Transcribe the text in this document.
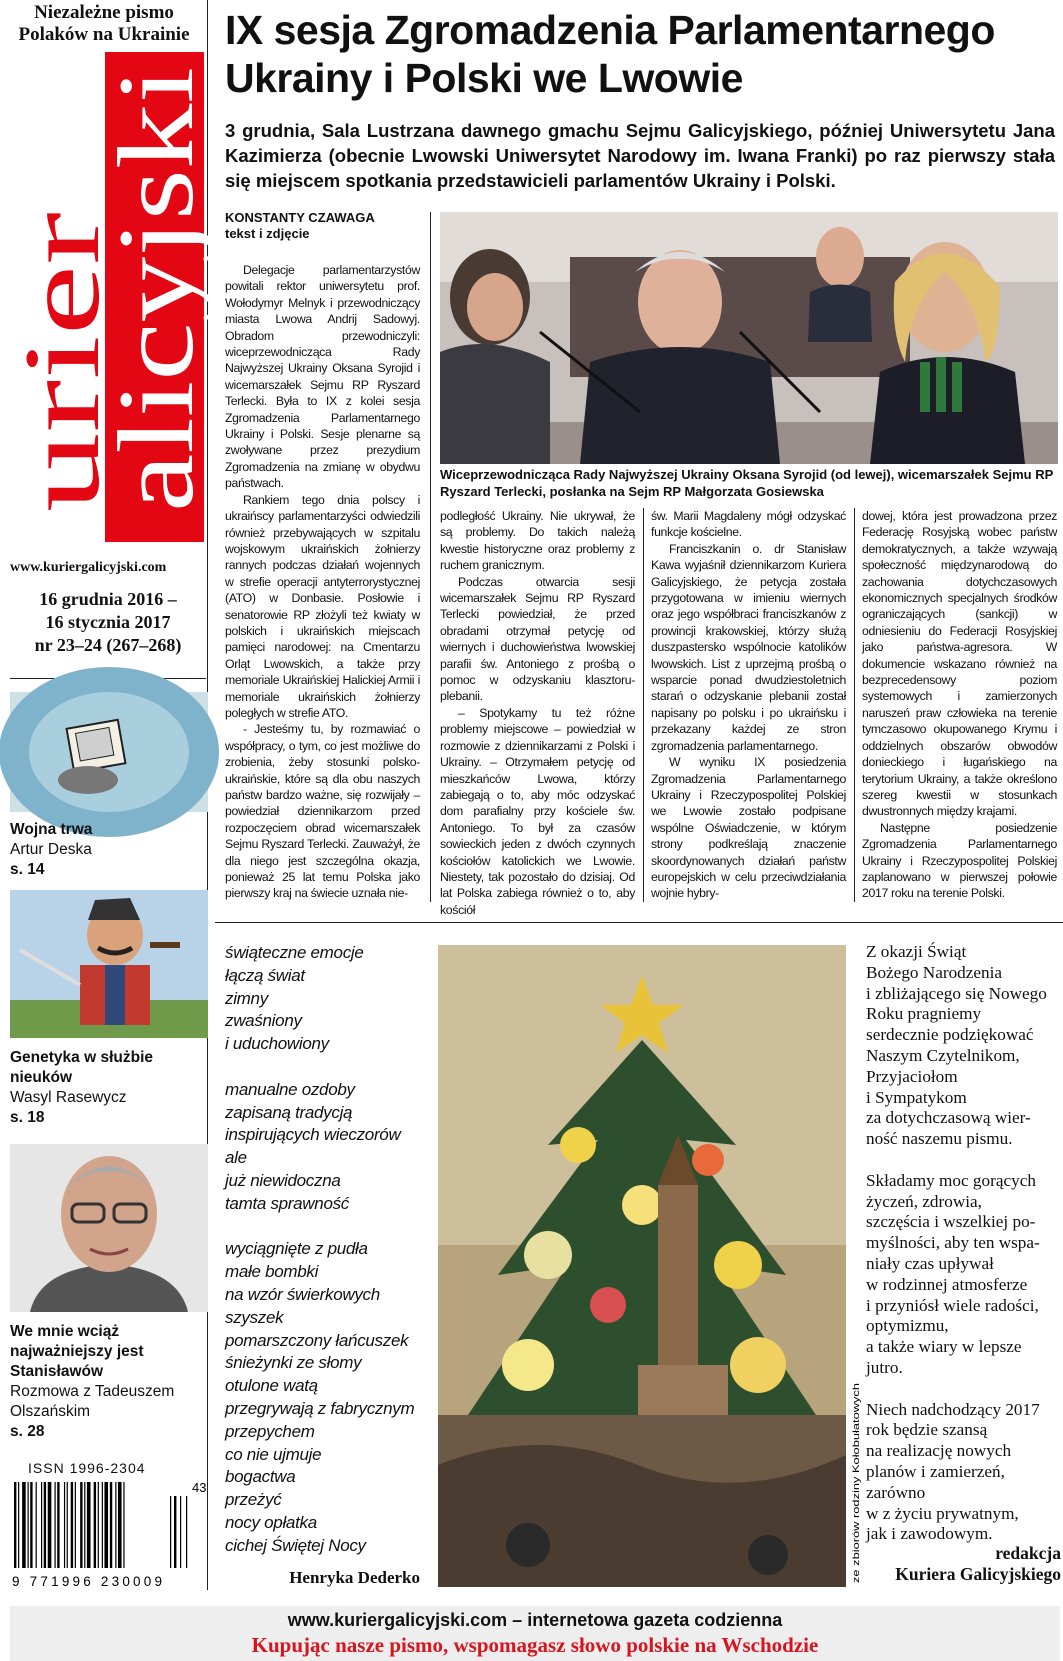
Niezależne pismo Polaków na Ukrainie
urier
alicyjski
www.kuriergalicyjski.com
16 grudnia 2016 –
16 stycznia 2017
nr 23–24 (267–268)
Wojna trwa
Artur Deska
s. 14
Genetyka w służbie nieuków
Wasyl Rasewycz
s. 18
We mnie wciąż najważniejszy jest Stanisławów
Rozmowa z Tadeuszem Olszańskim
s. 28
ISSN 1996-2304
43
9 771996 230009
IX sesja Zgromadzenia Parlamentarnego Ukrainy i Polski we Lwowie
3 grudnia, Sala Lustrzana dawnego gmachu Sejmu Galicyjskiego, później Uniwersytetu Jana Kazimierza (obecnie Lwowski Uniwersytet Narodowy im. Iwana Franki) po raz pierwszy stała się miejscem spotkania przedstawicieli parlamentów Ukrainy i Polski.
KONSTANTY CZAWAGA
tekst i zdjęcie

Delegacje parlamentarzystów powitali rektor uniwersytetu prof. Wołodymyr Melnyk i przewodniczący miasta Lwowa Andrij Sadowyj. Obradom przewodniczyli: wiceprzewodnicząca Rady Najwyższej Ukrainy Oksana Syrojid i wicemarszałek Sejmu RP Ryszard Terlecki. Była to IX z kolei sesja Zgromadzenia Parlamentarnego Ukrainy i Polski. Sesje plenarne są zwoływane przez prezydium Zgromadzenia na zmianę w obydwu państwach.

Rankiem tego dnia polscy i ukraińscy parlamentarzyści odwiedzili również przebywających w szpitalu wojskowym ukraińskich żołnierzy rannych podczas działań wojennych w strefie operacji antyterrorystycznej (ATO) w Donbasie. Posłowie i senatorowie RP złożyli też kwiaty w polskich i ukraińskich miejscach pamięci narodowej: na Cmentarzu Orląt Lwowskich, a także przy memoriale Ukraińskiej Halickiej Armii i memoriale ukraińskich żołnierzy poległych w strefie ATO.

- Jesteśmy tu, by rozmawiać o współpracy, o tym, co jest możliwe do zrobienia, żeby stosunki polsko-ukraińskie, które są dla obu naszych państw bardzo ważne, się rozwijały – powiedział dziennikarzom przed rozpoczęciem obrad wicemarszałek Sejmu Ryszard Terlecki. Zauważył, że dla niego jest szczególna okazja, ponieważ 25 lat temu Polska jako pierwszy kraj na świecie uznała nie-

Wiceprzewodnicząca Rady Najwyższej Ukrainy Oksana Syrojid (od lewej), wicemarszałek Sejmu RP Ryszard Terlecki, posłanka na Sejm RP Małgorzata Gosiewska

podległość Ukrainy. Nie ukrywał, że są problemy. Do takich należą kwestie historyczne oraz problemy z ruchem granicznym.

Podczas otwarcia sesji wicemarszałek Sejmu RP Ryszard Terlecki powiedział, że przed obradami otrzymał petycję od wiernych i duchowieństwa lwowskiej parafii św. Antoniego z prośbą o pomoc w odzyskaniu klasztoru-plebanii.

– Spotykamy tu też różne problemy miejscowe – powiedział w rozmowie z dziennikarzami z Polski i Ukrainy. – Otrzymałem petycję od mieszkańców Lwowa, którzy zabiegają o to, aby móc odzyskać dom parafialny przy kościele św. Antoniego. To był za czasów sowieckich jeden z dwóch czynnych kościołów katolickich we Lwowie. Niestety, tak pozostało do dzisiaj. Od lat Polska zabiega również o to, aby kościół

św. Marii Magdaleny mógł odzyskać funkcje kościelne.

Franciszkanin o. dr Stanisław Kawa wyjaśnił dziennikarzom Kuriera Galicyjskiego, że petycja została przygotowana w imieniu wiernych oraz jego współbraci franciszkanów z prowincji krakowskiej, którzy służą duszpastersko wspólnocie katolików lwowskich. List z uprzejmą prośbą o wsparcie ponad dwudziestoletnich starań o odzyskanie plebanii został napisany po polsku i po ukraińsku i przekazany każdej ze stron zgromadzenia parlamentarnego.

W wyniku IX posiedzenia Zgromadzenia Parlamentarnego Ukrainy i Rzeczypospolitej Polskiej we Lwowie zostało podpisane wspólne Oświadczenie, w którym strony podkreślają znaczenie skoordynowanych działań państw europejskich w celu przeciwdziałania wojnie hybry-

dowej, która jest prowadzona przez Federację Rosyjską wobec państw demokratycznych, a także wzywają społeczność międzynarodową do zachowania dotychczasowych ekonomicznych specjalnych środków ograniczających (sankcji) w odniesieniu do Federacji Rosyjskiej jako państwa-agresora. W dokumencie wskazano również na bezprecedensowy poziom systemowych i zamierzonych naruszeń praw człowieka na terenie tymczasowo okupowanego Krymu i oddzielnych obszarów obwodów donieckiego i ługańskiego na terytorium Ukrainy, a także określono szereg kwestii w stosunkach dwustronnych między krajami.

Następne posiedzenie Zgromadzenia Parlamentarnego Ukrainy i Rzeczypospolitej Polskiej zaplanowano w pierwszej połowie 2017 roku na terenie Polski.

świąteczne emocje
łączą świat
zimny
zwaśniony
i uduchowiony
manualne ozdoby
zapisaną tradycją
inspirujących wieczorów
ale
już niewidoczna
tamta sprawność
wyciągnięte z pudła
małe bombki
na wzór świerkowych
szyszek
pomarszczony łańcuszek
śnieżynki ze słomy
otulone watą
przegrywają z fabrycznym
przepychem
co nie ujmuje
bogactwa
przeżyć
nocy opłatka
cichej Świętej Nocy
Henryka Dederko	ze zbiorów rodziny Kołobułatowych
Z okazji Świąt
Bożego Narodzenia
i zbliżającego się Nowego
Roku pragniemy
serdecznie podziękować
Naszym Czytelnikom,
Przyjaciołom
i Sympatykom
za dotychczasową wier-
ność naszemu pismu.
Składamy moc gorących
życzeń, zdrowia,
szczęścia i wszelkiej po-
myślności, aby ten wspa-
niały czas upływał
w rodzinnej atmosferze
i przyniósł wiele radości,
optymizmu,
a także wiary w lepsze
jutro.
Niech nadchodzący 2017
rok będzie szansą
na realizację nowych
planów i zamierzeń,
zarówno
w z życiu prywatnym,
jak i zawodowym.
redakcja
Kuriera Galicyjskiego
www.kuriergalicyjski.com – internetowa gazeta codzienna
Kupując nasze pismo, wspomagasz słowo polskie na Wschodzie
